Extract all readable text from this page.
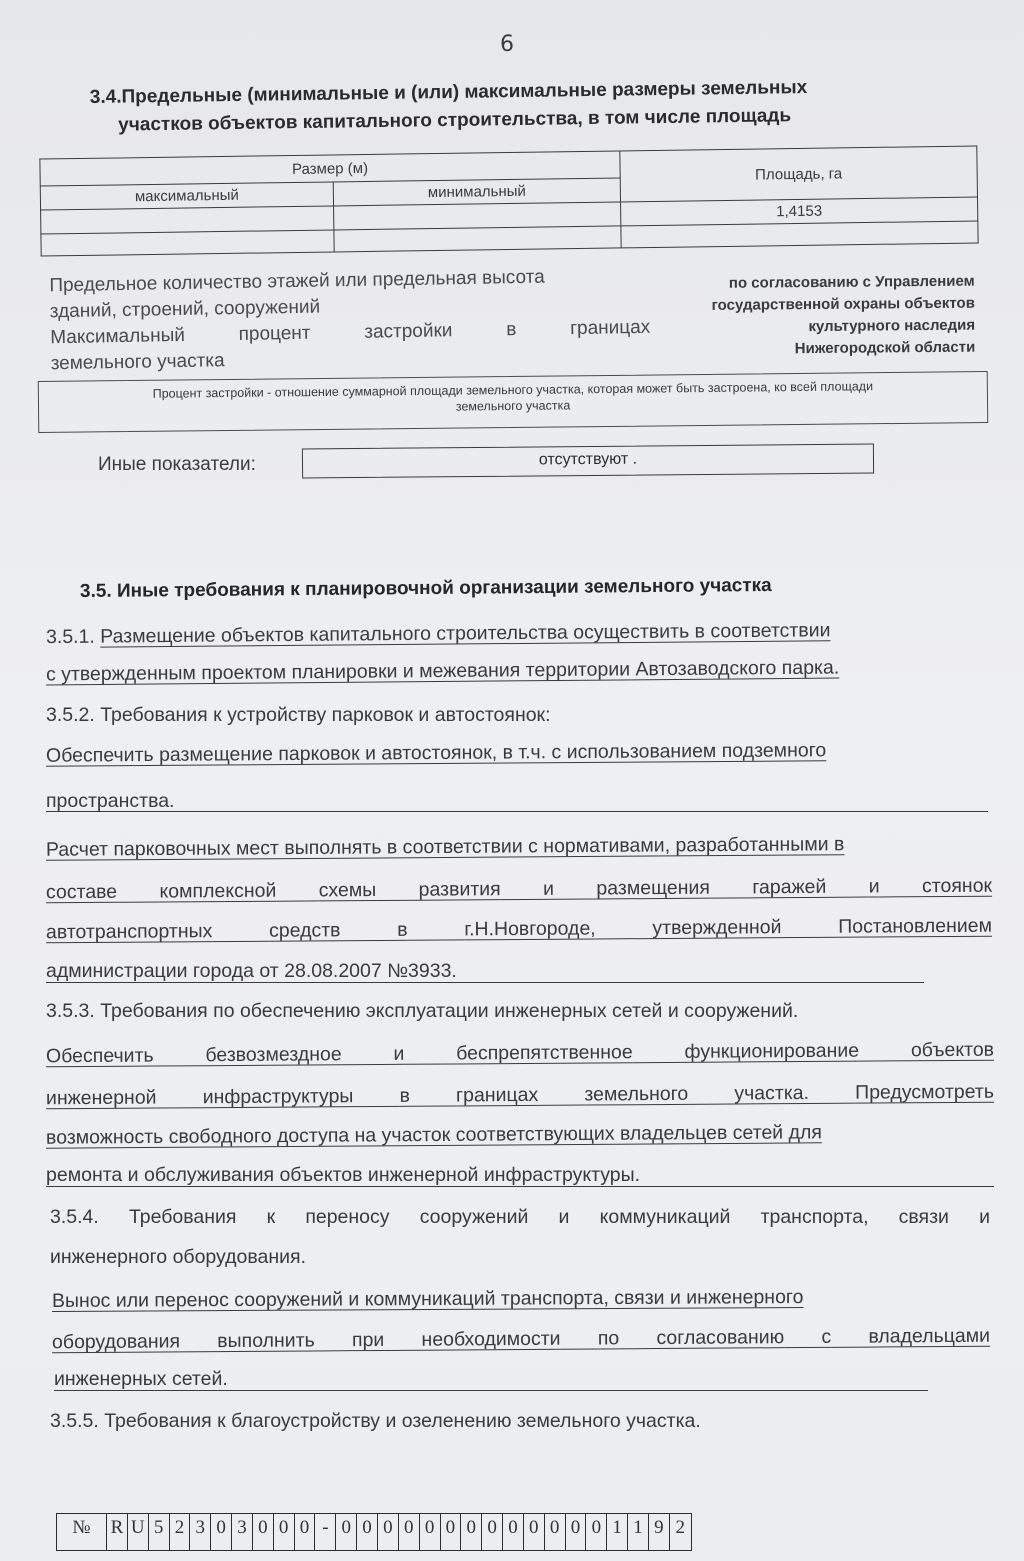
6
3.4.Предельные (минимальные и (или) максимальные размеры земельных
участков объектов капитального строительства, в том числе площадь
Размер (м)		Площадь, га
максимальный	минимальный	
		1,4153

Предельное количество этажей или предельная высота
зданий, строений, сооружений
Максимальный	процент	застройки	в	границах
земельного участка
по согласованию с Управлением
государственной охраны объектов
культурного наследия
Нижегородской области
Процент застройки - отношение суммарной площади земельного участка, которая может быть застроена, ко всей площади
земельного участка
Иные показатели:	отсутствуют .
3.5. Иные требования к планировочной организации земельного участка
3.5.1. Размещение объектов капитального строительства осуществить в соответствии
с утвержденным проектом планировки и межевания территории Автозаводского парка.
3.5.2. Требования к устройству парковок и автостоянок:
Обеспечить размещение парковок и автостоянок, в т.ч. с использованием подземного
пространства.
Расчет парковочных мест выполнять в соответствии с нормативами, разработанными в
составе комплексной схемы развития и размещения гаражей и стоянок
автотранспортных	средств	в	г.Н.Новгороде,	утвержденной	Постановлением
администрации города от 28.08.2007 №3933.
3.5.3. Требования по обеспечению эксплуатации инженерных сетей и сооружений.
Обеспечить	безвозмездное	и	беспрепятственное	функционирование	объектов
инженерной инфраструктуры в границах земельного участка. Предусмотреть
возможность свободного доступа на участок соответствующих владельцев сетей для
ремонта и обслуживания объектов инженерной инфраструктуры.
3.5.4. Требования к переносу сооружений и коммуникаций транспорта, связи и
инженерного оборудования.
Вынос или перенос сооружений и коммуникаций транспорта, связи и инженерного
оборудования выполнить при необходимости по согласованию с владельцами
инженерных сетей.
3.5.5. Требования к благоустройству и озеленению земельного участка.
№	R U 5 2 3 0 3 0 0 0 - 0 0 0 0 0 0 0 0 0 0 0 0 0 1 1 9 2
